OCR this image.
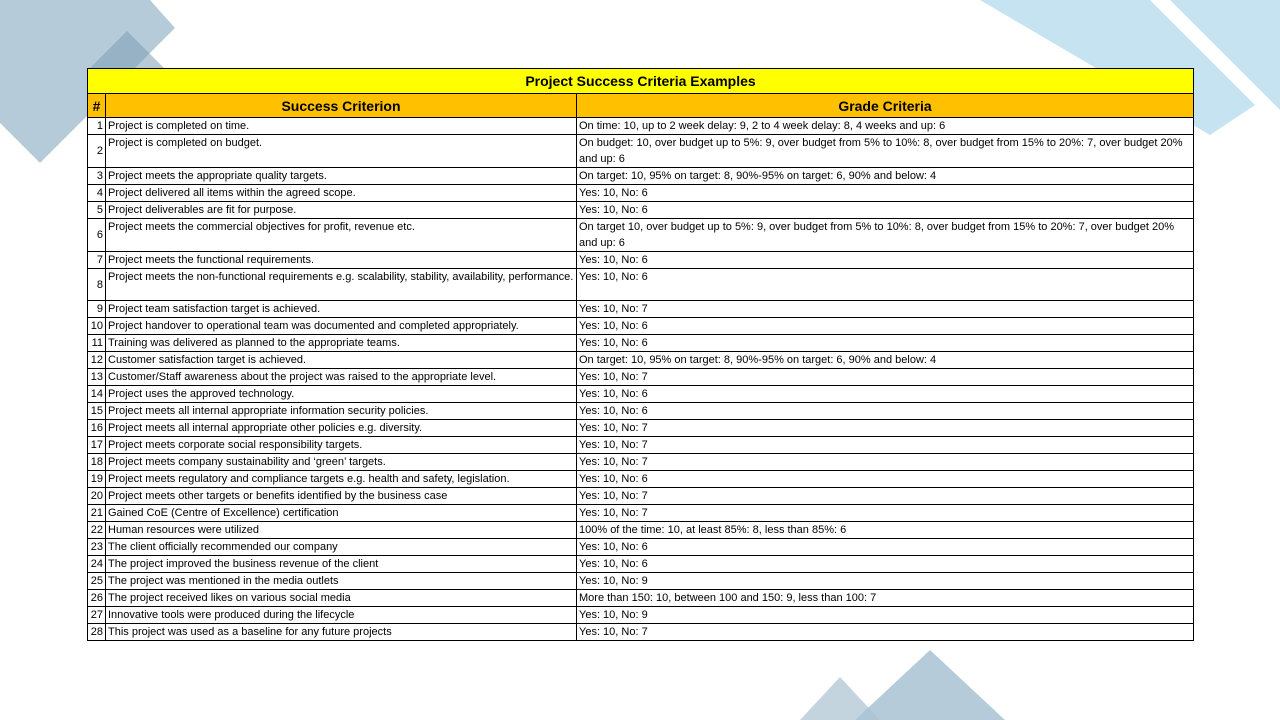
Project Success Criteria Examples		
#	Success Criterion	Grade Criteria
1	Project is completed on time.	On time: 10, up to 2 week delay: 9, 2 to 4 week delay: 8, 4 weeks and up: 6
2	Project is completed on budget.	On budget: 10, over budget up to 5%: 9, over budget from 5% to 10%: 8, over budget from 15% to 20%: 7, over budget 20% and up: 6
3	Project meets the appropriate quality targets.	On target: 10, 95% on target: 8, 90%-95% on target: 6, 90% and below: 4
4	Project delivered all items within the agreed scope.	Yes: 10, No: 6
5	Project deliverables are fit for purpose.	Yes: 10, No: 6
6	Project meets the commercial objectives for profit, revenue etc.	On target 10, over budget up to 5%: 9, over budget from 5% to 10%: 8, over budget from 15% to 20%: 7, over budget 20% and up: 6
7	Project meets the functional requirements.	Yes: 10, No: 6
8	Project meets the non-functional requirements e.g. scalability, stability, availability, performance.	Yes: 10, No: 6
9	Project team satisfaction target is achieved.	Yes: 10, No: 7
10	Project handover to operational team was documented and completed appropriately.	Yes: 10, No: 6
11	Training was delivered as planned to the appropriate teams.	Yes: 10, No: 6
12	Customer satisfaction target is achieved.	On target: 10, 95% on target: 8, 90%-95% on target: 6, 90% and below: 4
13	Customer/Staff awareness about the project was raised to the appropriate level.	Yes: 10, No: 7
14	Project uses the approved technology.	Yes: 10, No: 6
15	Project meets all internal appropriate information security policies.	Yes: 10, No: 6
16	Project meets all internal appropriate other policies e.g. diversity.	Yes: 10, No: 7
17	Project meets corporate social responsibility targets.	Yes: 10, No: 7
18	Project meets company sustainability and ‘green’ targets.	Yes: 10, No: 7
19	Project meets regulatory and compliance targets e.g. health and safety, legislation.	Yes: 10, No: 6
20	Project meets other targets or benefits identified by the business case	Yes: 10, No: 7
21	Gained CoE (Centre of Excellence) certification	Yes: 10, No: 7
22	Human resources were utilized	100% of the time: 10, at least 85%: 8, less than 85%: 6
23	The client officially recommended our company	Yes: 10, No: 6
24	The project improved the business revenue of the client	Yes: 10, No: 6
25	The project was mentioned in the media outlets	Yes: 10, No: 9
26	The project received likes on various social media	More than 150: 10, between 100 and 150: 9, less than 100: 7
27	Innovative tools were produced during the lifecycle	Yes: 10, No: 9
28	This project was used as a baseline for any future projects	Yes: 10, No: 7
